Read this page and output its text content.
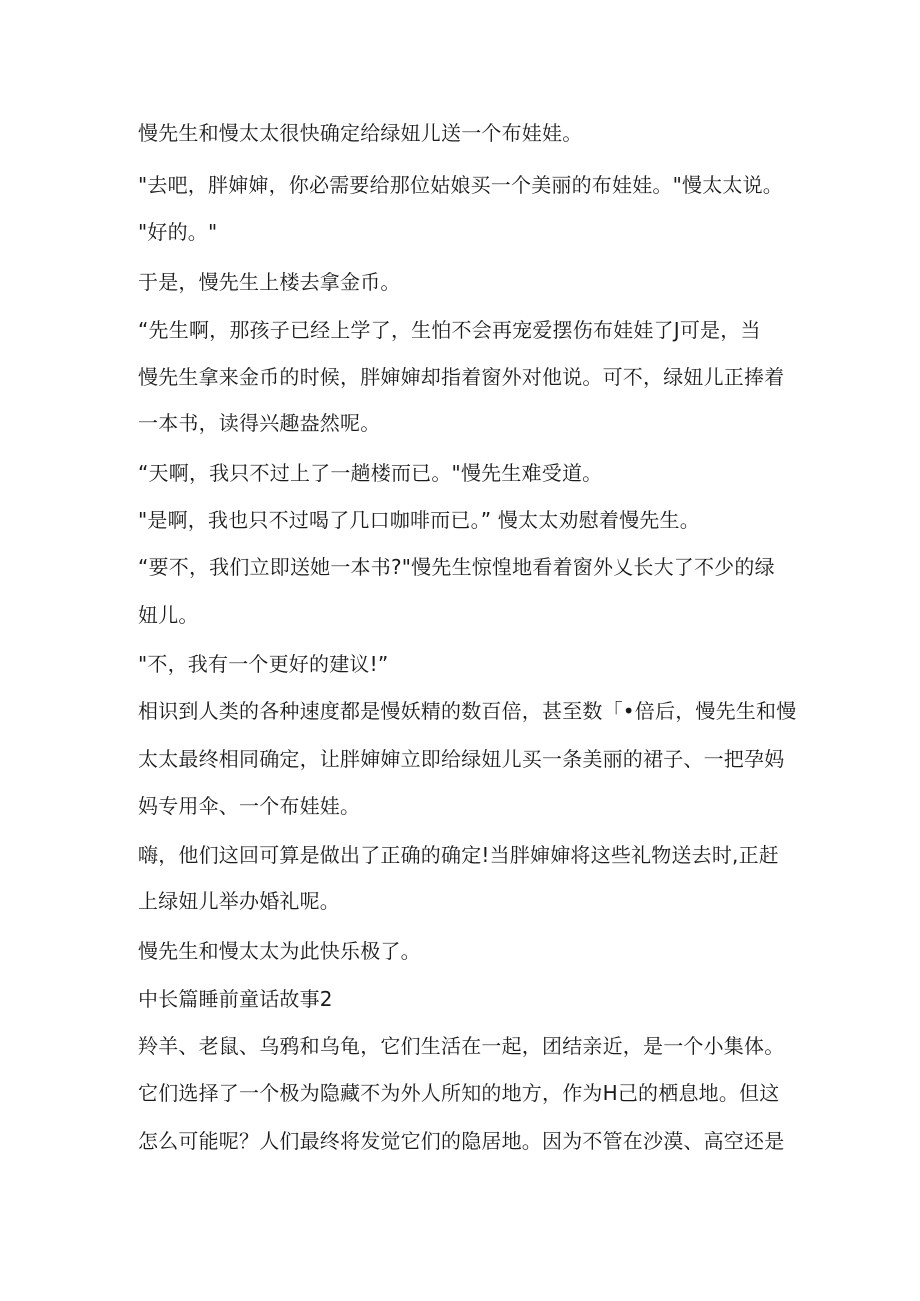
慢先生和慢太太很快确定给绿妞儿送一个布娃娃。
"去吧，胖婶婶，你必需要给那位姑娘买一个美丽的布娃娃。"慢太太说。
"好的。"
于是，慢先生上楼去拿金币。
“先生啊，那孩子已经上学了，生怕不会再宠爱摆伤布娃娃了J可是，当
慢先生拿来金币的时候，胖婶婶却指着窗外对他说。可不，绿妞儿正捧着
一本书，读得兴趣盎然呢。
“天啊，我只不过上了一趟楼而已。"慢先生难受道。
"是啊，我也只不过喝了几口咖啡而已。” 慢太太劝慰着慢先生。
“要不，我们立即送她一本书?"慢先生惊惶地看着窗外乂长大了不少的绿
妞儿。
"不，我有一个更好的建议!”
相识到人类的各种速度都是慢妖精的数百倍，甚至数「•倍后，慢先生和慢
太太最终相同确定，让胖婶婶立即给绿妞儿买一条美丽的裙子、一把孕妈
妈专用伞、一个布娃娃。
嗨，他们这回可算是做出了正确的确定!当胖婶婶将这些礼物送去时,正赶
上绿妞儿举办婚礼呢。
慢先生和慢太太为此快乐极了。
中长篇睡前童话故事2
羚羊、老鼠、乌鸦和乌龟，它们生活在一起，团结亲近，是一个小集体。
它们选择了一个极为隐藏不为外人所知的地方，作为H己的栖息地。但这
怎么可能呢？人们最终将发觉它们的隐居地。因为不管在沙漠、高空还是
